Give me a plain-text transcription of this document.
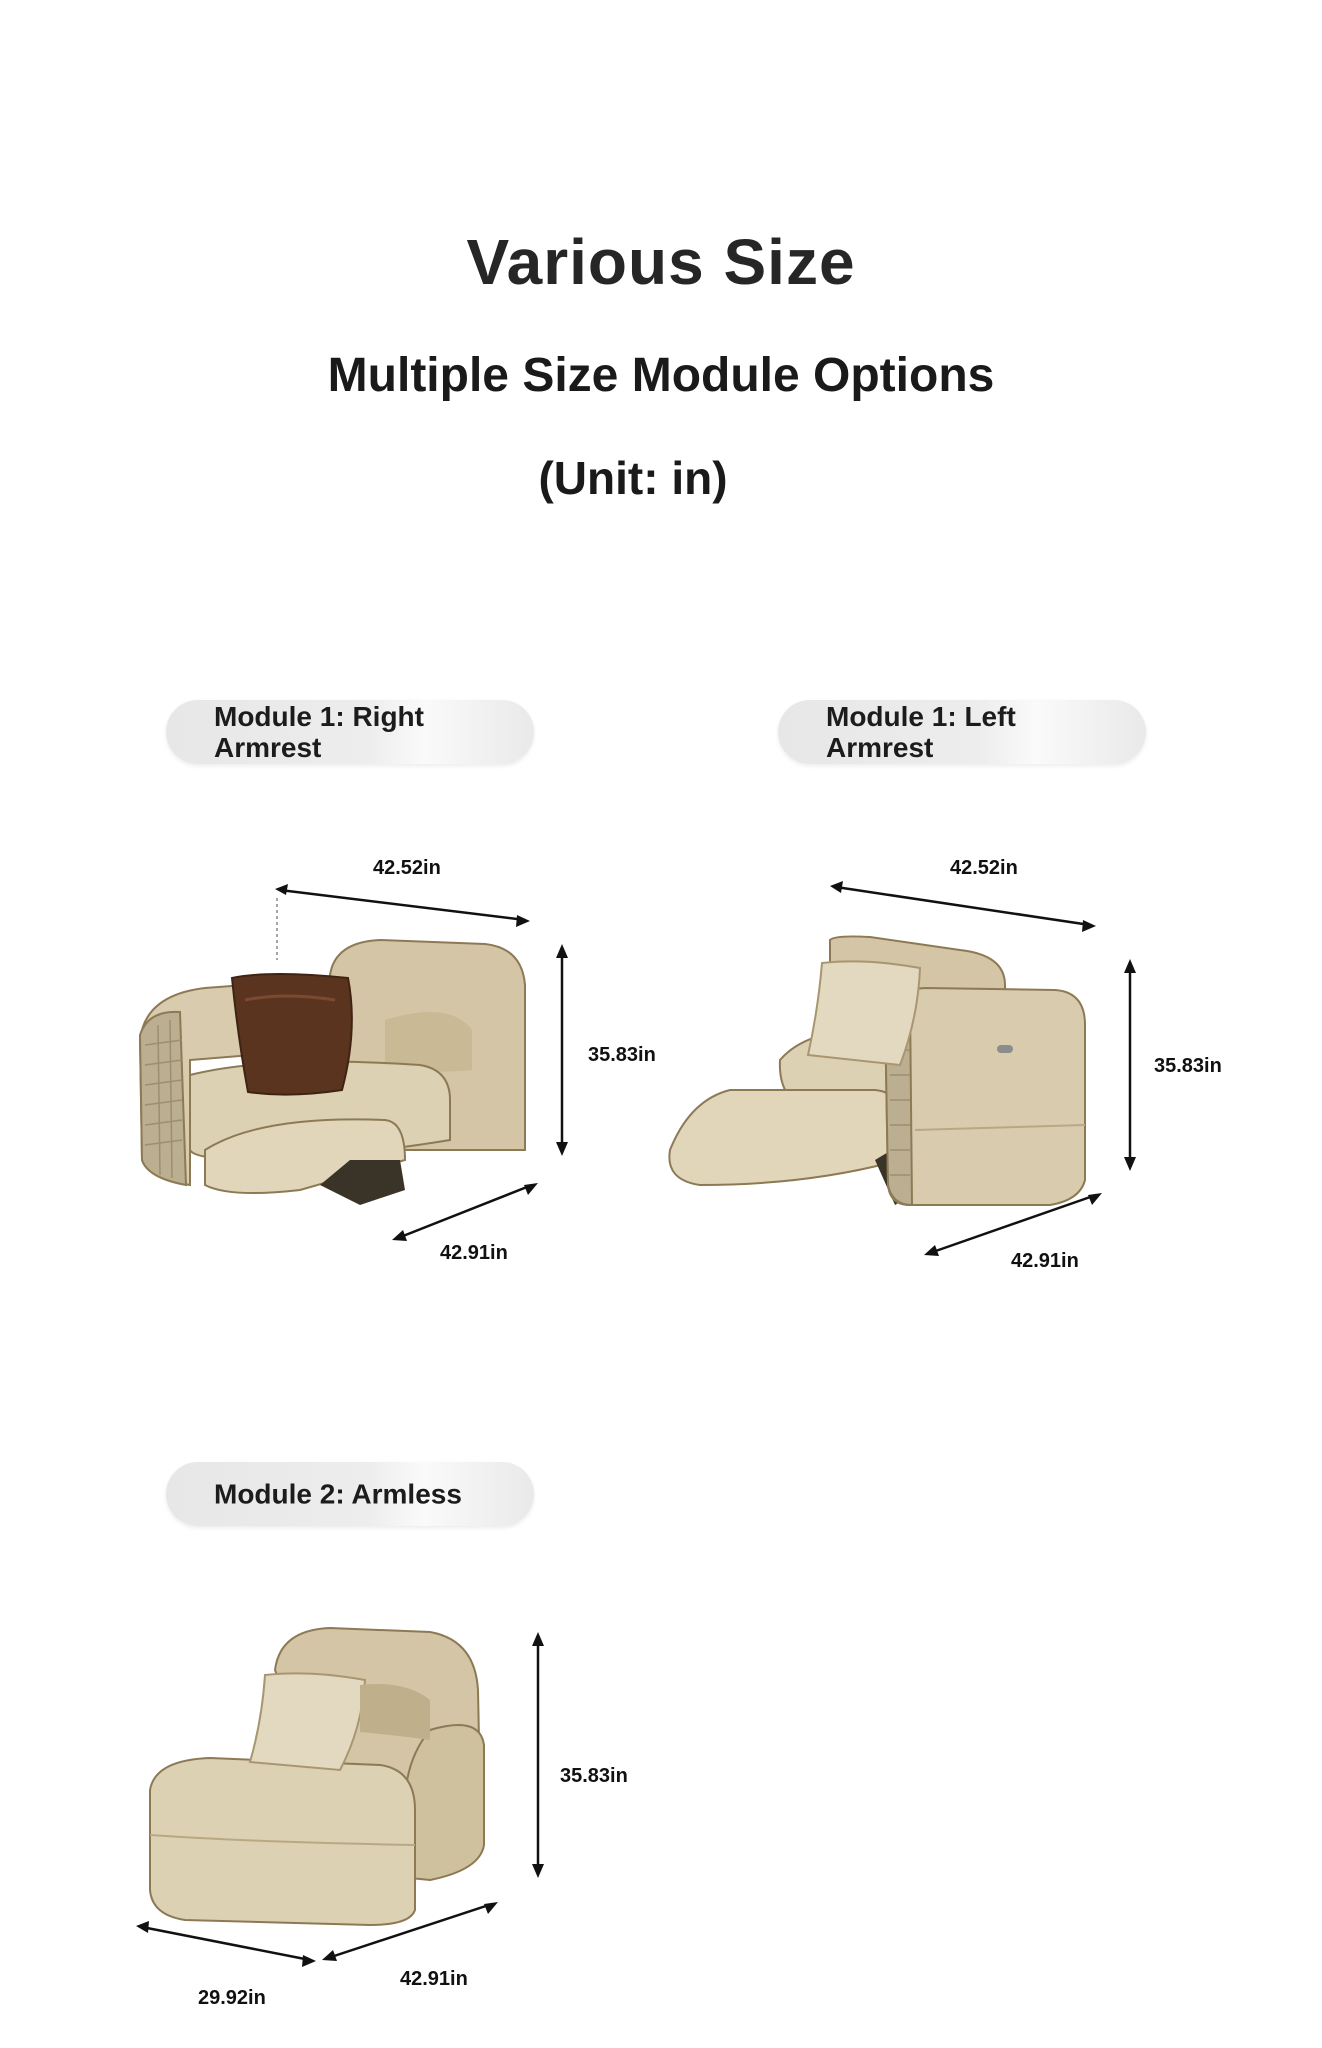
Various Size
Multiple Size Module Options
(Unit: in)
Module 1: Right Armrest
42.52in
35.83in
42.91in
Module 1: Left Armrest
42.52in
35.83in
42.91in
Module 2: Armless
35.83in
29.92in
42.91in
